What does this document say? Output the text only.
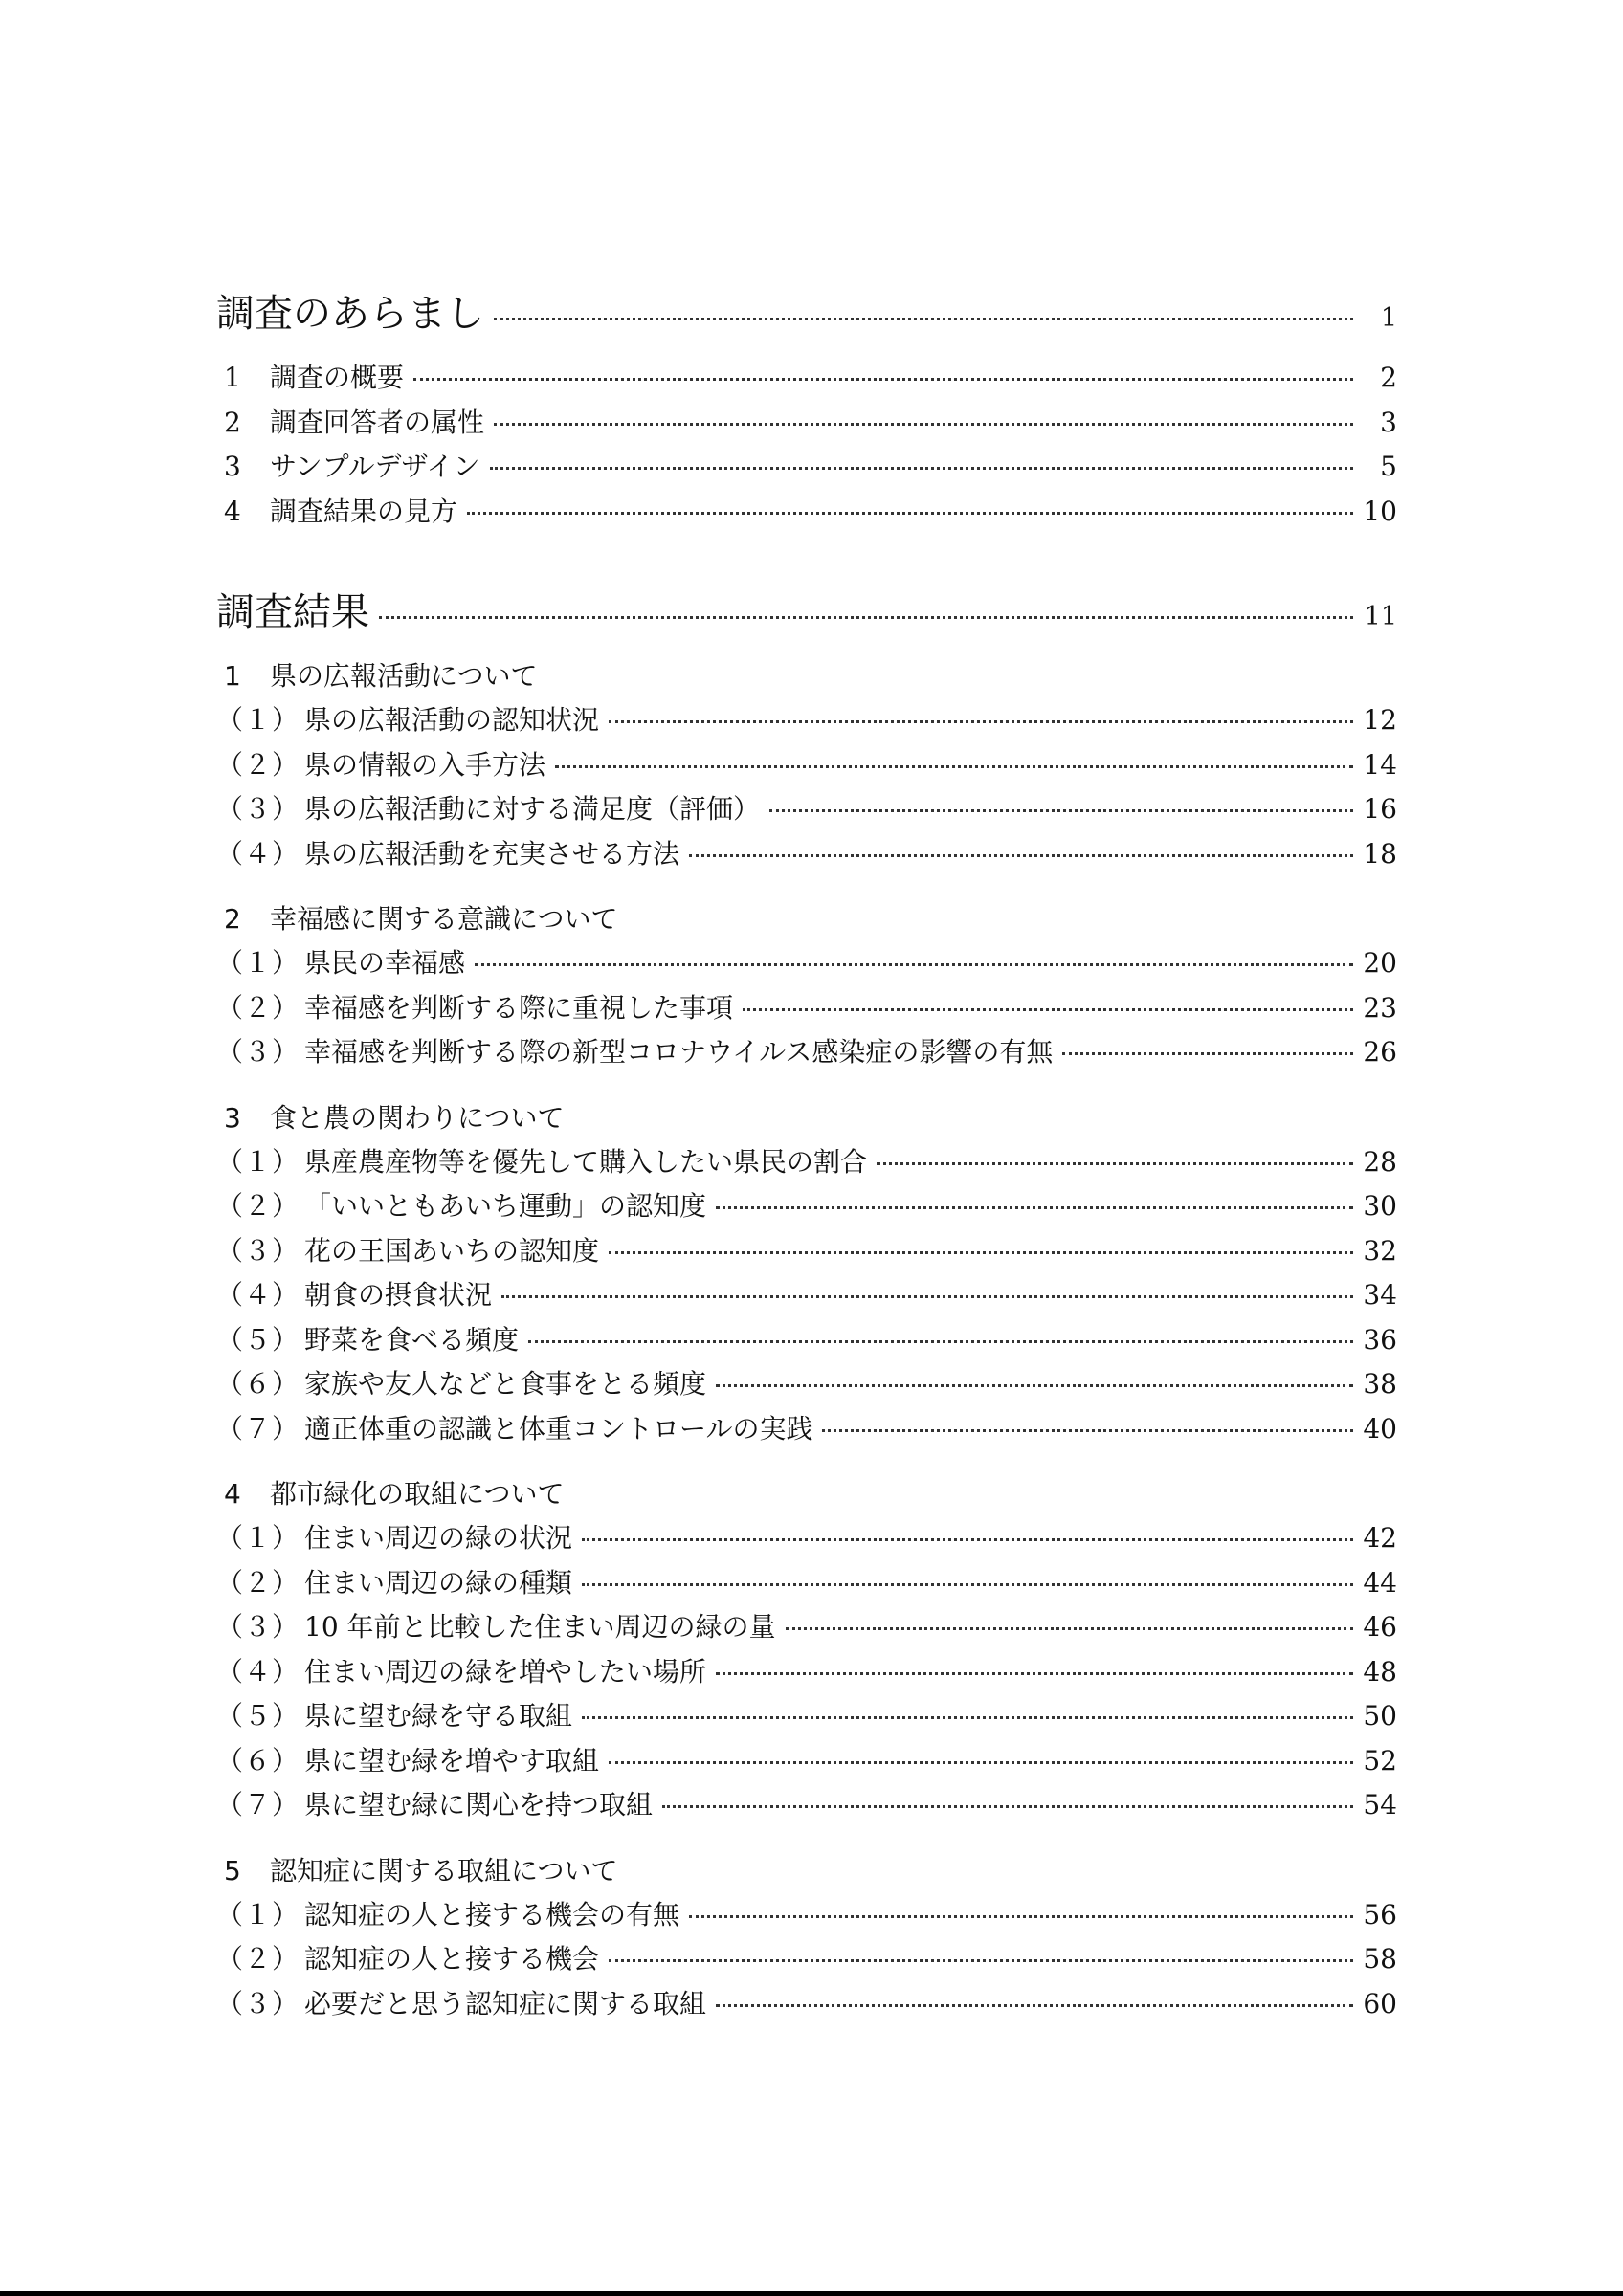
調査のあらまし	1
1 調査の概要	2
2 調査回答者の属性	3
3 サンプルデザイン	5
4 調査結果の見方	10
調査結果	11
1 県の広報活動について
（１） 県の広報活動の認知状況	12
（２） 県の情報の入手方法	14
（３） 県の広報活動に対する満足度（評価）	16
（４） 県の広報活動を充実させる方法	18
2 幸福感に関する意識について
（１） 県民の幸福感	20
（２） 幸福感を判断する際に重視した事項	23
（３） 幸福感を判断する際の新型コロナウイルス感染症の影響の有無	26
3 食と農の関わりについて
（１） 県産農産物等を優先して購入したい県民の割合	28
（２） 「いいともあいち運動」の認知度	30
（３） 花の王国あいちの認知度	32
（４） 朝食の摂食状況	34
（５） 野菜を食べる頻度	36
（６） 家族や友人などと食事をとる頻度	38
（７） 適正体重の認識と体重コントロールの実践	40
4 都市緑化の取組について
（１） 住まい周辺の緑の状況	42
（２） 住まい周辺の緑の種類	44
（３） 10 年前と比較した住まい周辺の緑の量	46
（４） 住まい周辺の緑を増やしたい場所	48
（５） 県に望む緑を守る取組	50
（６） 県に望む緑を増やす取組	52
（７） 県に望む緑に関心を持つ取組	54
5 認知症に関する取組について
（１） 認知症の人と接する機会の有無	56
（２） 認知症の人と接する機会	58
（３） 必要だと思う認知症に関する取組	60
